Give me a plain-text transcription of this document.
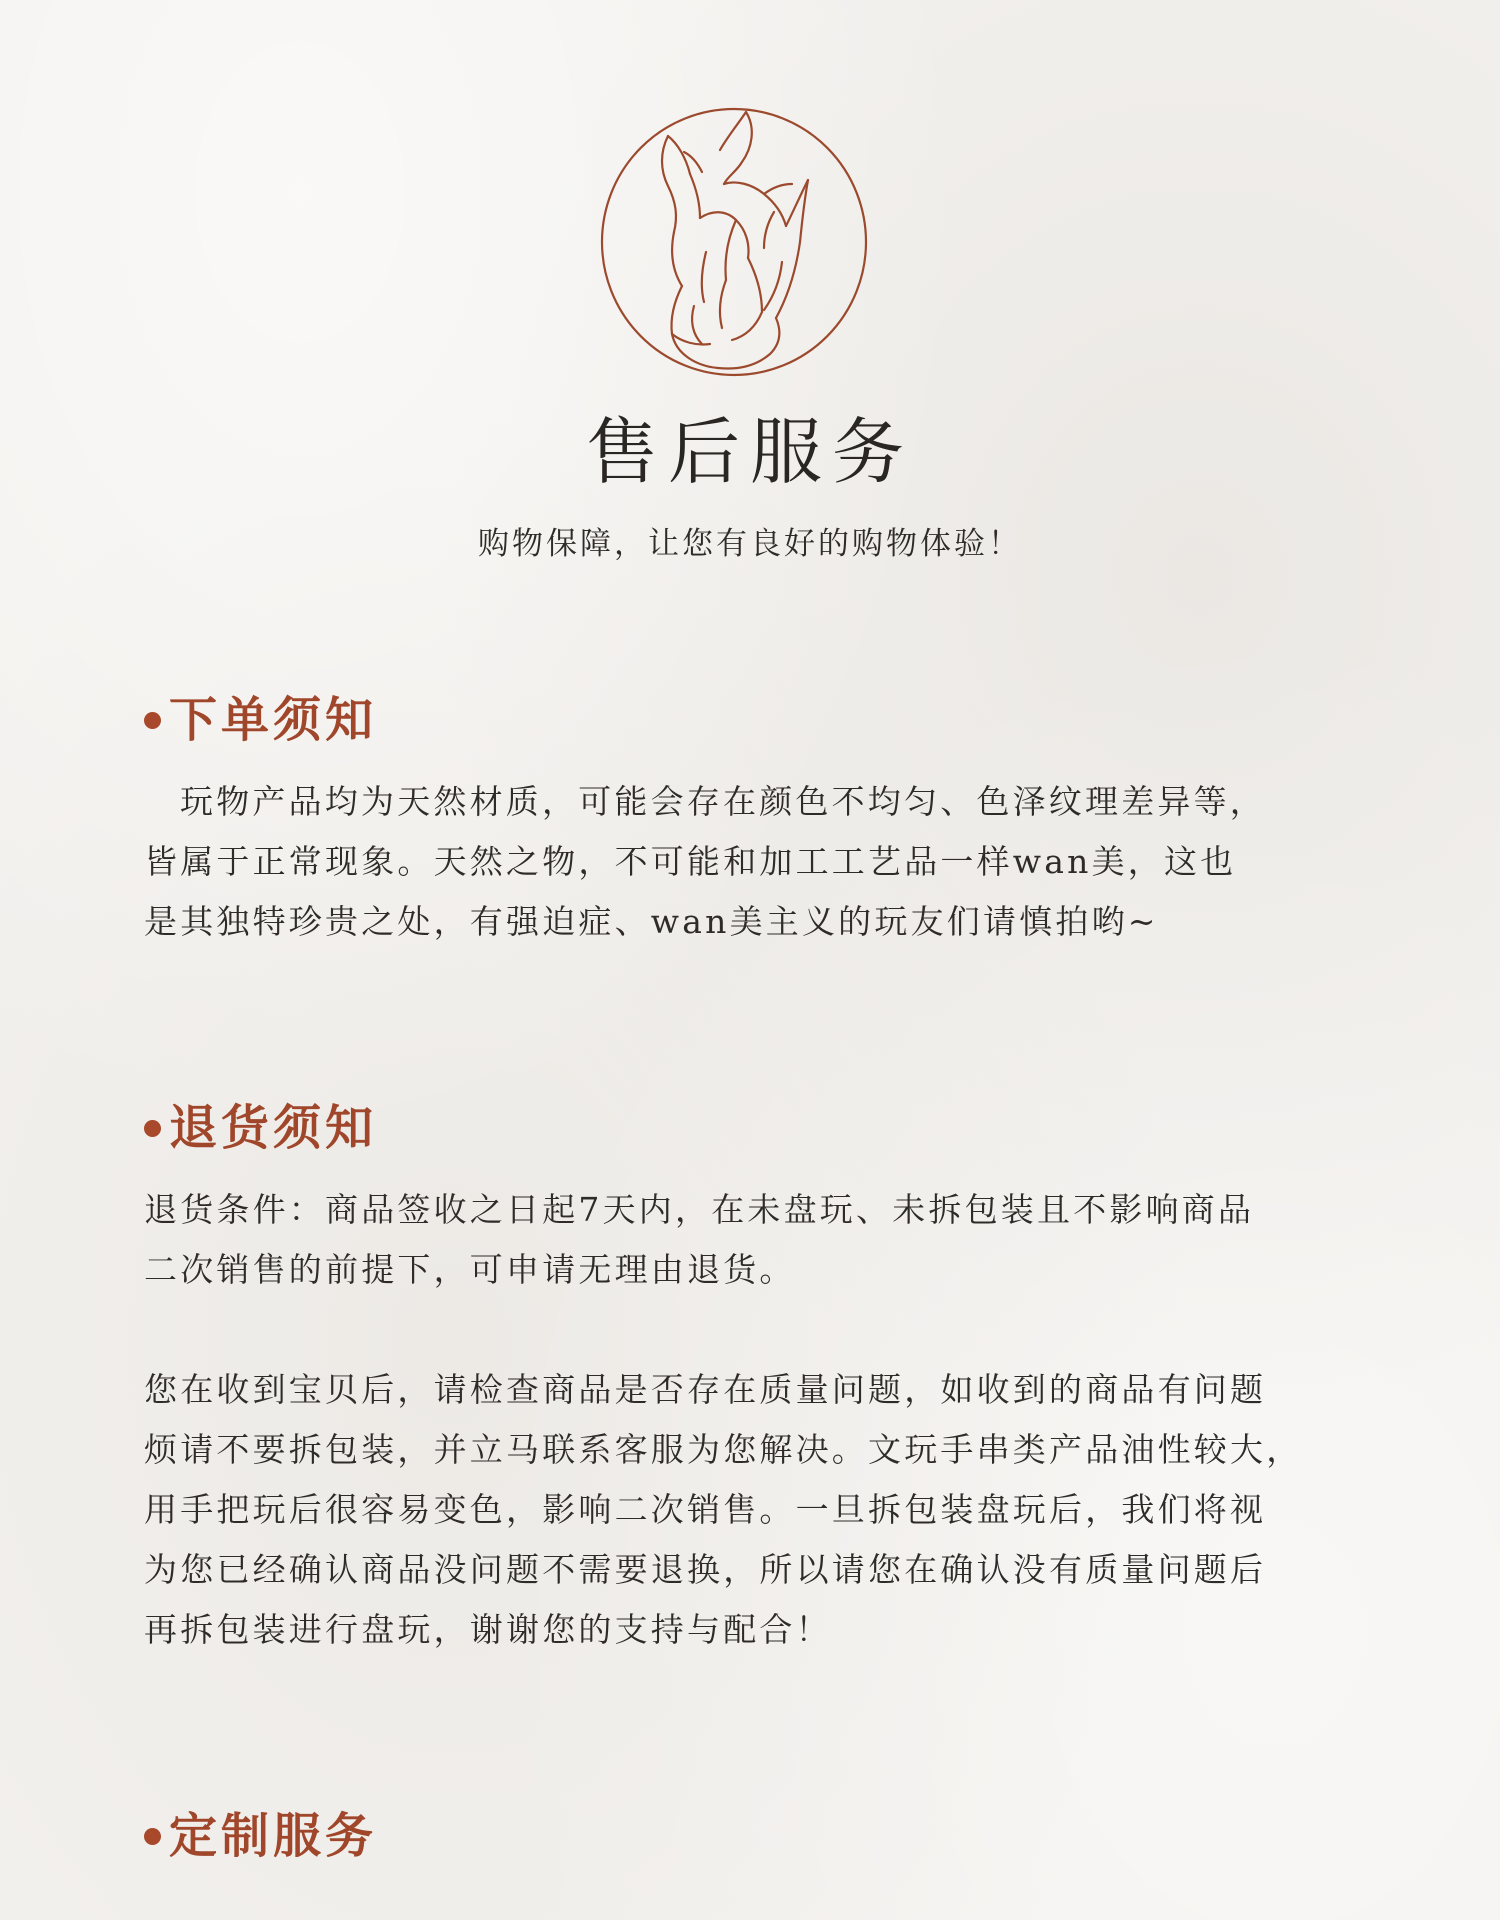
售后服务
购物保障，让您有良好的购物体验！
下单须知

玩物产品均为天然材质，可能会存在颜色不均匀、色泽纹理差异等，
皆属于正常现象。天然之物，不可能和加工工艺品一样wan美，这也
是其独特珍贵之处，有强迫症、wan美主义的玩友们请慎拍哟~

退货须知

退货条件：商品签收之日起7天内，在未盘玩、未拆包装且不影响商品
二次销售的前提下，可申请无理由退货。

您在收到宝贝后，请检查商品是否存在质量问题，如收到的商品有问题
烦请不要拆包装，并立马联系客服为您解决。文玩手串类产品油性较大，
用手把玩后很容易变色，影响二次销售。一旦拆包装盘玩后，我们将视
为您已经确认商品没问题不需要退换，所以请您在确认没有质量问题后
再拆包装进行盘玩，谢谢您的支持与配合！

定制服务
